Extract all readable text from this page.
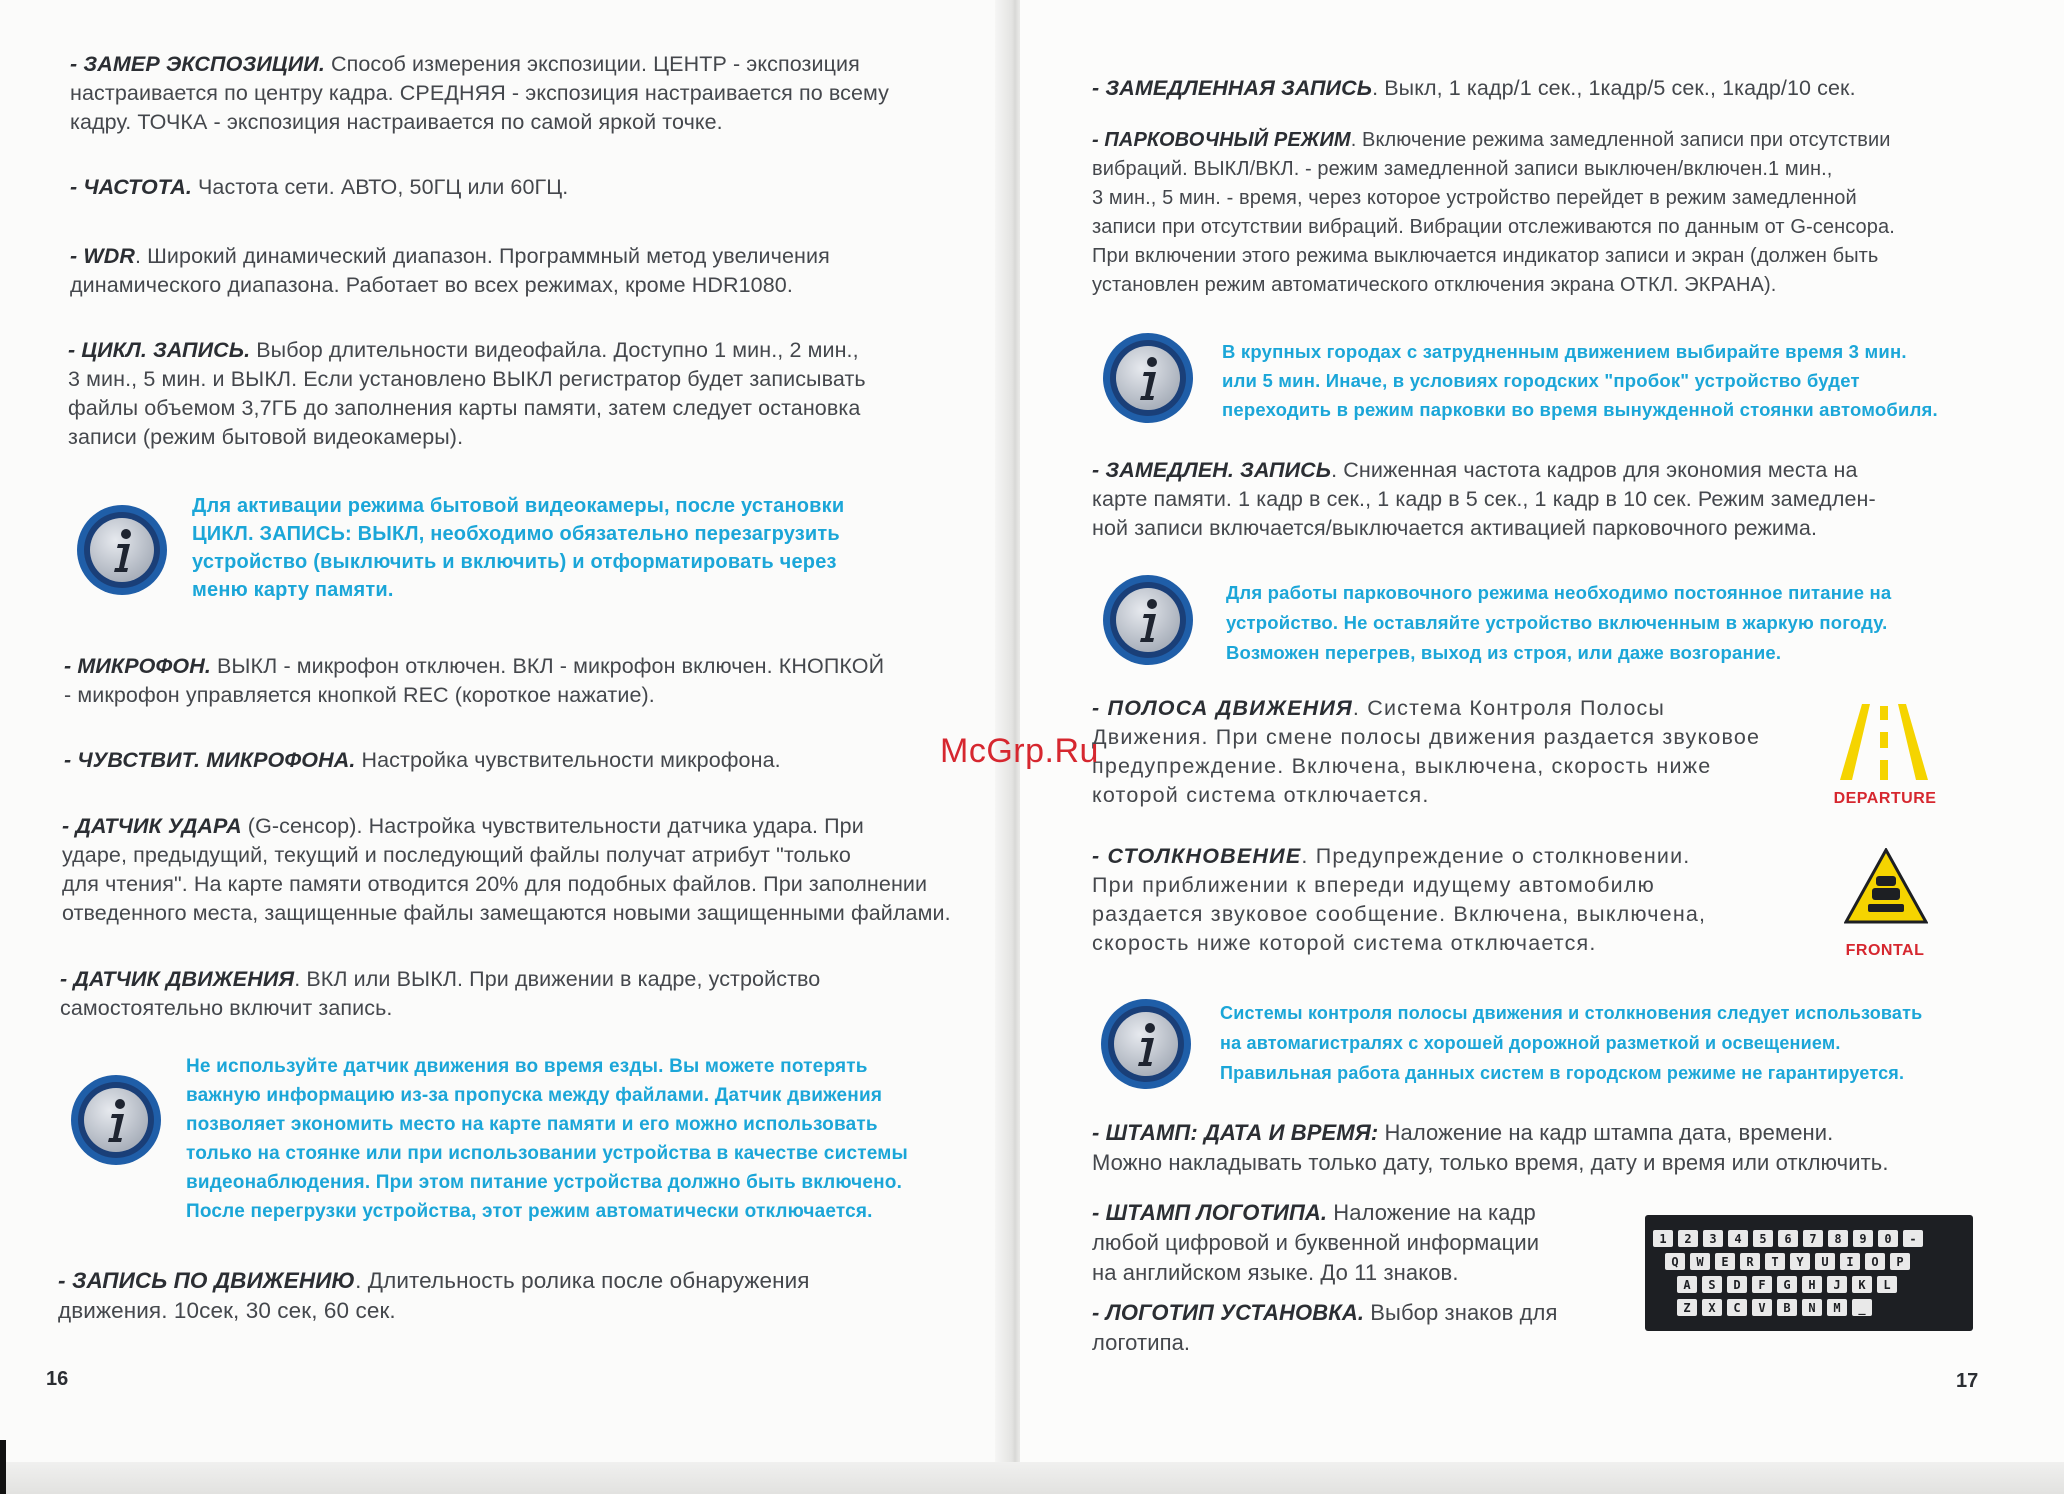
- ЗАМЕР ЭКСПОЗИЦИИ. Способ измерения экспозиции. ЦЕНТР - экспозиция
настраивается по центру кадра. СРЕДНЯЯ - экспозиция настраивается по всему
кадру. ТОЧКА - экспозиция настраивается по самой яркой точке.
- ЧАСТОТА. Частота сети. АВТО, 50ГЦ или 60ГЦ.
- WDR. Широкий динамический диапазон. Программный метод увеличения
динамического диапазона. Работает во всех режимах, кроме HDR1080.
- ЦИКЛ. ЗАПИСЬ. Выбор длительности видеофайла. Доступно 1 мин., 2 мин.,
3 мин., 5 мин. и ВЫКЛ. Если установлено ВЫКЛ регистратор будет записывать
файлы объемом 3,7ГБ до заполнения карты памяти, затем следует остановка
записи (режим бытовой видеокамеры).
Для активации режима бытовой видеокамеры, после установки
ЦИКЛ. ЗАПИСЬ: ВЫКЛ, необходимо обязательно перезагрузить
устройство (выключить и включить) и отформатировать через
меню карту памяти.
- МИКРОФОН. ВЫКЛ - микрофон отключен. ВКЛ - микрофон включен. КНОПКОЙ
- микрофон управляется кнопкой REC (короткое нажатие).
- ЧУВСТВИТ. МИКРОФОНА. Настройка чувствительности микрофона.
- ДАТЧИК УДАРА (G-сенсор). Настройка чувствительности датчика удара. При
ударе, предыдущий, текущий и последующий файлы получат атрибут "только
для чтения". На карте памяти отводится 20% для подобных файлов. При заполнении
отведенного места, защищенные файлы замещаются новыми защищенными файлами.
- ДАТЧИК ДВИЖЕНИЯ. ВКЛ или ВЫКЛ. При движении в кадре, устройство
самостоятельно включит запись.
Не используйте датчик движения во время езды. Вы можете потерять
важную информацию из-за пропуска между файлами. Датчик движения
позволяет экономить место на карте памяти и его можно использовать
только на стоянке или при использовании устройства в качестве системы
видеонаблюдения. При этом питание устройства должно быть включено.
После перегрузки устройства, этот режим автоматически отключается.
- ЗАПИСЬ ПО ДВИЖЕНИЮ. Длительность ролика после обнаружения
движения. 10сек, 30 сек, 60 сек.
16
- ЗАМЕДЛЕННАЯ ЗАПИСЬ. Выкл, 1 кадр/1 сек., 1кадр/5 сек., 1кадр/10 сек.
- ПАРКОВОЧНЫЙ РЕЖИМ. Включение режима замедленной записи при отсутствии
вибраций. ВЫКЛ/ВКЛ. - режим замедленной записи выключен/включен.1 мин.,
3 мин., 5 мин. - время, через которое устройство перейдет в режим замедленной
записи при отсутствии вибраций. Вибрации отслеживаются по данным от G-сенсора.
При включении этого режима выключается индикатор записи и экран (должен быть
установлен режим автоматического отключения экрана ОТКЛ. ЭКРАНА).
В крупных городах с затрудненным движением выбирайте время 3 мин.
или 5 мин. Иначе, в условиях городских "пробок" устройство будет
переходить в режим парковки во время вынужденной стоянки автомобиля.
- ЗАМЕДЛЕН. ЗАПИСЬ. Сниженная частота кадров для экономия места на
карте памяти. 1 кадр в сек., 1 кадр в 5 сек., 1 кадр в 10 сек. Режим замедлен-
ной записи включается/выключается активацией парковочного режима.
Для работы парковочного режима необходимо постоянное питание на
устройство. Не оставляйте устройство включенным в жаркую погоду.
Возможен перегрев, выход из строя, или даже возгорание.
- ПОЛОСА ДВИЖЕНИЯ. Система Контроля Полосы
Движения. При смене полосы движения раздается звуковое
предупреждение. Включена, выключена, скорость ниже
которой система отключается.	DEPARTURE
- СТОЛКНОВЕНИЕ. Предупреждение о столкновении.
При приближении к впереди идущему автомобилю
раздается звуковое сообщение. Включена, выключена,
скорость ниже которой система отключается.	FRONTAL
Системы контроля полосы движения и столкновения следует использовать
на автомагистралях с хорошей дорожной разметкой и освещением.
Правильная работа данных систем в городском режиме не гарантируется.
- ШТАМП: ДАТА И ВРЕМЯ: Наложение на кадр штампа дата, времени.
Можно накладывать только дату, только время, дату и время или отключить.
- ШТАМП ЛОГОТИПА. Наложение на кадр
любой цифровой и буквенной информации
на английском языке. До 11 знаков.
- ЛОГОТИП УСТАНОВКА. Выбор знаков для
логотипа.
17
1	2	3	4	5	6	7	8	9	0	-
Q	W	E	R	T	Y	U	I	O	P
A	S	D	F	G	H	J	K	L
Z	X	C	V	B	N	M	_
McGrp.Ru
